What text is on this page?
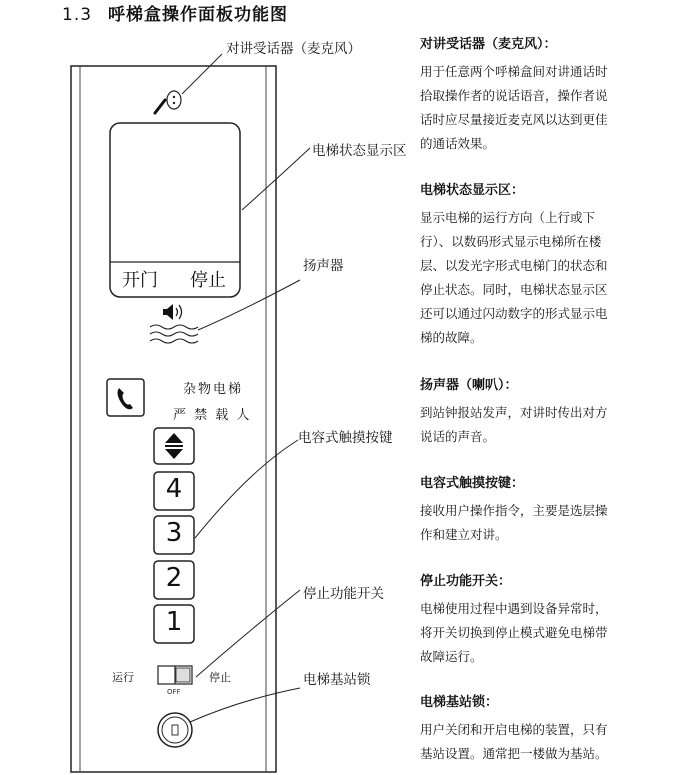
1.3 呼梯盒操作面板功能图
开门 停止
杂物电梯
严 禁 载 人
4
3
2
1
运行	停止
OFF
对讲受话器（麦克风）
电梯状态显示区
扬声器
电容式触摸按键
停止功能开关
电梯基站锁
对讲受话器（麦克风）：

用于任意两个呼梯盒间对讲通话时

拾取操作者的说话语音，操作者说

话时应尽量接近麦克风以达到更佳

的通话效果。

电梯状态显示区：

显示电梯的运行方向（上行或下

行）、以数码形式显示电梯所在楼

层、以发光字形式电梯门的状态和

停止状态。同时，电梯状态显示区

还可以通过闪动数字的形式显示电

梯的故障。

扬声器（喇叭）：

到站钟报站发声，对讲时传出对方

说话的声音。

电容式触摸按键：

接收用户操作指令，主要是选层操

作和建立对讲。

停止功能开关：

电梯使用过程中遇到设备异常时，

将开关切换到停止模式避免电梯带

故障运行。

电梯基站锁：

用户关闭和开启电梯的装置，只有

基站设置。通常把一楼做为基站。
